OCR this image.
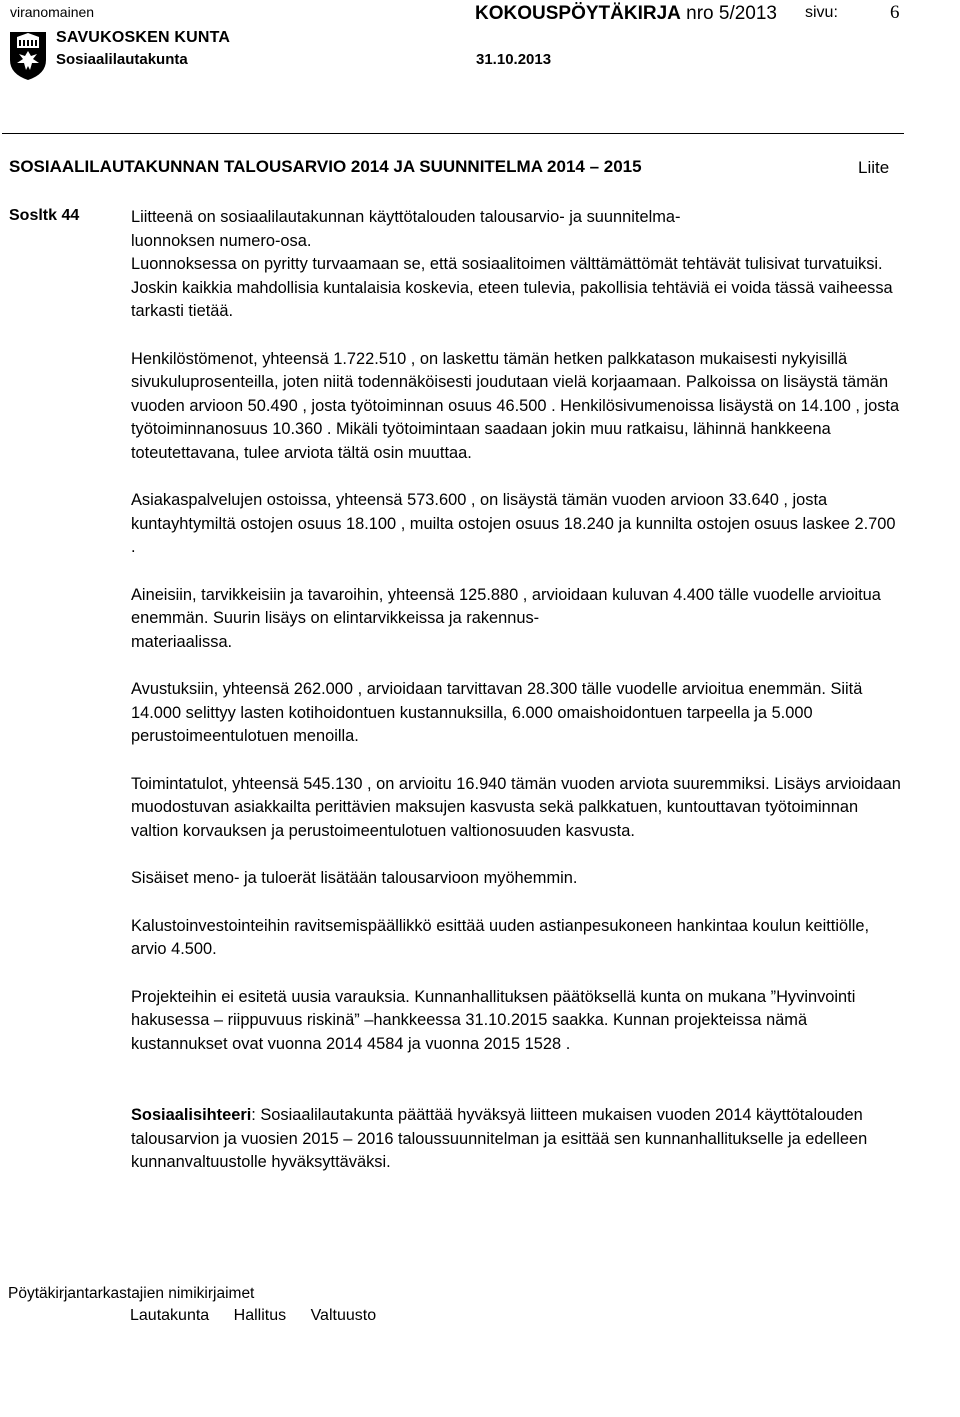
viranomainen	KOKOUSPÖYTÄKIRJA nro 5/2013 sivu:	6
SAVUKOSKEN KUNTA
Sosiaalilautakunta	31.10.2013
SOSIAALILAUTAKUNNAN TALOUSARVIO 2014 JA SUUNNITELMA 2014 – 2015	Liite
Sosltk 44	Liitteenä on sosiaalilautakunnan käyttötalouden talousarvio- ja suunnitelma-
luonnoksen numero-osa.

Luonnoksessa on pyritty turvaamaan se, että sosiaalitoimen välttämättömät tehtävät tulisivat turvatuiksi. Joskin kaikkia mahdollisia kuntalaisia koskevia, eteen tulevia, pakollisia tehtäviä ei voida tässä vaiheessa tarkasti tietää.

Henkilöstömenot, yhteensä 1.722.510 , on laskettu tämän hetken palkkatason mukaisesti nykyisillä sivukuluprosenteilla, joten niitä todennäköisesti joudutaan vielä korjaamaan. Palkoissa on lisäystä tämän vuoden arvioon 50.490 , josta työtoiminnan osuus 46.500 . Henkilösivumenoissa lisäystä on 14.100 , josta työtoiminnanosuus 10.360 . Mikäli työtoimintaan saadaan jokin muu ratkaisu, lähinnä hankkeena toteutettavana, tulee arviota tältä osin muuttaa.

Asiakaspalvelujen ostoissa, yhteensä 573.600 , on lisäystä tämän vuoden arvioon 33.640 , josta kuntayhtymiltä ostojen osuus 18.100 , muilta ostojen osuus 18.240 ja kunnilta ostojen osuus laskee 2.700 .

Aineisiin, tarvikkeisiin ja tavaroihin, yhteensä 125.880 , arvioidaan kuluvan 4.400 tälle vuodelle arvioitua enemmän. Suurin lisäys on elintarvikkeissa ja rakennus-
materiaalissa.

Avustuksiin, yhteensä 262.000 , arvioidaan tarvittavan 28.300 tälle vuodelle arvioitua enemmän. Siitä 14.000 selittyy lasten kotihoidontuen kustannuksilla, 6.000 omaishoidontuen tarpeella ja 5.000 perustoimeentulotuen menoilla.

Toimintatulot, yhteensä 545.130 , on arvioitu 16.940 tämän vuoden arviota suuremmiksi. Lisäys arvioidaan muodostuvan asiakkailta perittävien maksujen kasvusta sekä palkkatuen, kuntouttavan työtoiminnan valtion korvauksen ja perustoimeentulotuen valtionosuuden kasvusta.

Sisäiset meno- ja tuloerät lisätään talousarvioon myöhemmin.

Kalustoinvestointeihin ravitsemispäällikkö esittää uuden astianpesukoneen hankintaa koulun keittiölle, arvio 4.500.

Projekteihin ei esitetä uusia varauksia. Kunnanhallituksen päätöksellä kunta on mukana ”Hyvinvointi hakusessa – riippuvuus riskinä” –hankkeessa 31.10.2015 saakka. Kunnan projekteissa nämä kustannukset ovat vuonna 2014 4584 ja vuonna 2015 1528 .

Sosiaalisihteeri: Sosiaalilautakunta päättää hyväksyä liitteen mukaisen vuoden 2014 käyttötalouden talousarvion ja vuosien 2015 – 2016 taloussuunnitelman ja esittää sen kunnanhallitukselle ja edelleen kunnanvaltuustolle hyväksyttäväksi.

Pöytäkirjantarkastajien nimikirjaimet
Lautakunta Hallitus Valtuusto
